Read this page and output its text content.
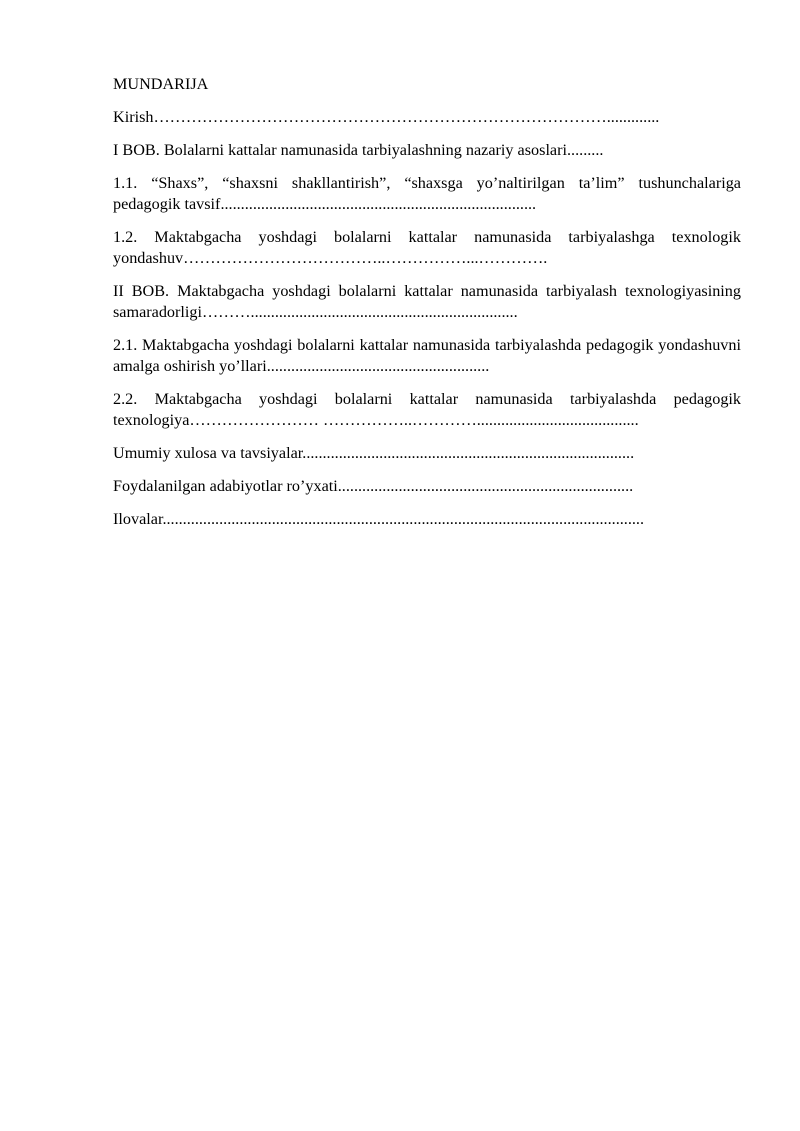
MUNDARIJA
Kirish………………………………………………………………………….............
I BOB. Bolalarni kattalar namunasida tarbiyalashning nazariy asoslari.........
1.1. “Shaxs”, “shaxsni shakllantirish”, “shaxsga yo’naltirilgan ta’lim” tushunchalariga pedagogik tavsif..............................................................................
1.2. Maktabgacha yoshdagi bolalarni kattalar namunasida tarbiyalashga texnologik yondashuv………………………………..……………...………….
II BOB. Maktabgacha yoshdagi bolalarni kattalar namunasida tarbiyalash texnologiyasining samaradorligi………..................................................................
2.1. Maktabgacha yoshdagi bolalarni kattalar namunasida tarbiyalashda pedagogik yondashuvni amalga oshirish yo’llari.......................................................
2.2. Maktabgacha yoshdagi bolalarni kattalar namunasida tarbiyalashda pedagogik texnologiya…………………… ……………..…………........................................
Umumiy xulosa va tavsiyalar..................................................................................
Foydalanilgan adabiyotlar ro’yxati.........................................................................
Ilovalar.......................................................................................................................
